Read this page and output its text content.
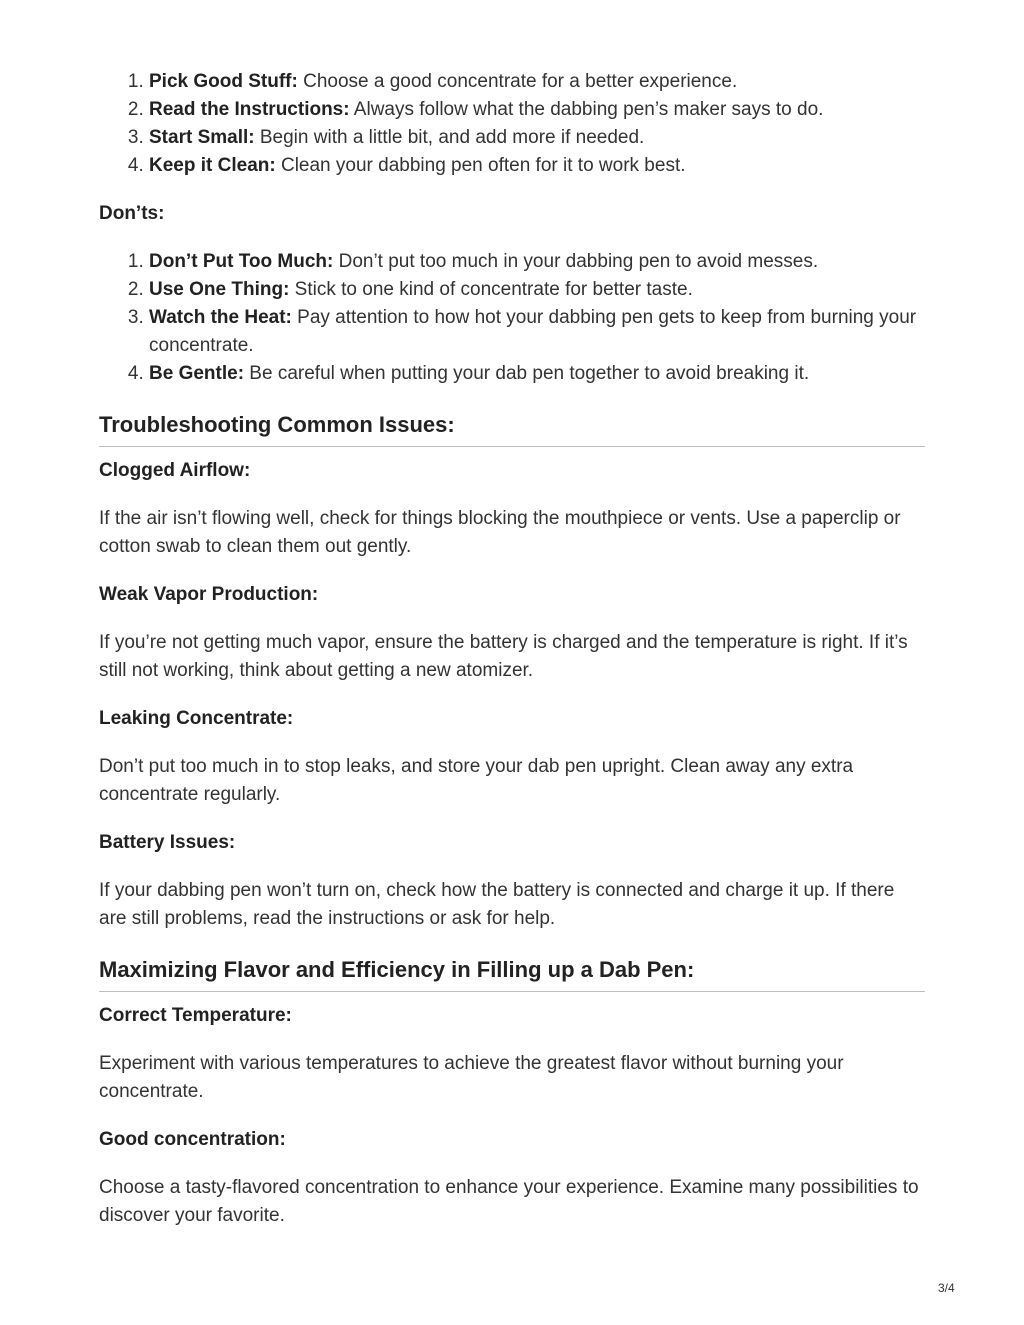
1. Pick Good Stuff: Choose a good concentrate for a better experience.
2. Read the Instructions: Always follow what the dabbing pen’s maker says to do.
3. Start Small: Begin with a little bit, and add more if needed.
4. Keep it Clean: Clean your dabbing pen often for it to work best.

Don’ts:

1. Don’t Put Too Much: Don’t put too much in your dabbing pen to avoid messes.
2. Use One Thing: Stick to one kind of concentrate for better taste.
3. Watch the Heat: Pay attention to how hot your dabbing pen gets to keep from burning your concentrate.
4. Be Gentle: Be careful when putting your dab pen together to avoid breaking it.
Troubleshooting Common Issues:

Clogged Airflow:

If the air isn’t flowing well, check for things blocking the mouthpiece or vents. Use a paperclip or cotton swab to clean them out gently.

Weak Vapor Production:

If you’re not getting much vapor, ensure the battery is charged and the temperature is right. If it’s still not working, think about getting a new atomizer.

Leaking Concentrate:

Don’t put too much in to stop leaks, and store your dab pen upright. Clean away any extra concentrate regularly.

Battery Issues:

If your dabbing pen won’t turn on, check how the battery is connected and charge it up. If there are still problems, read the instructions or ask for help.

Maximizing Flavor and Efficiency in Filling up a Dab Pen:

Correct Temperature:

Experiment with various temperatures to achieve the greatest flavor without burning your concentrate.

Good concentration:

Choose a tasty-flavored concentration to enhance your experience. Examine many possibilities to discover your favorite.

3/4
